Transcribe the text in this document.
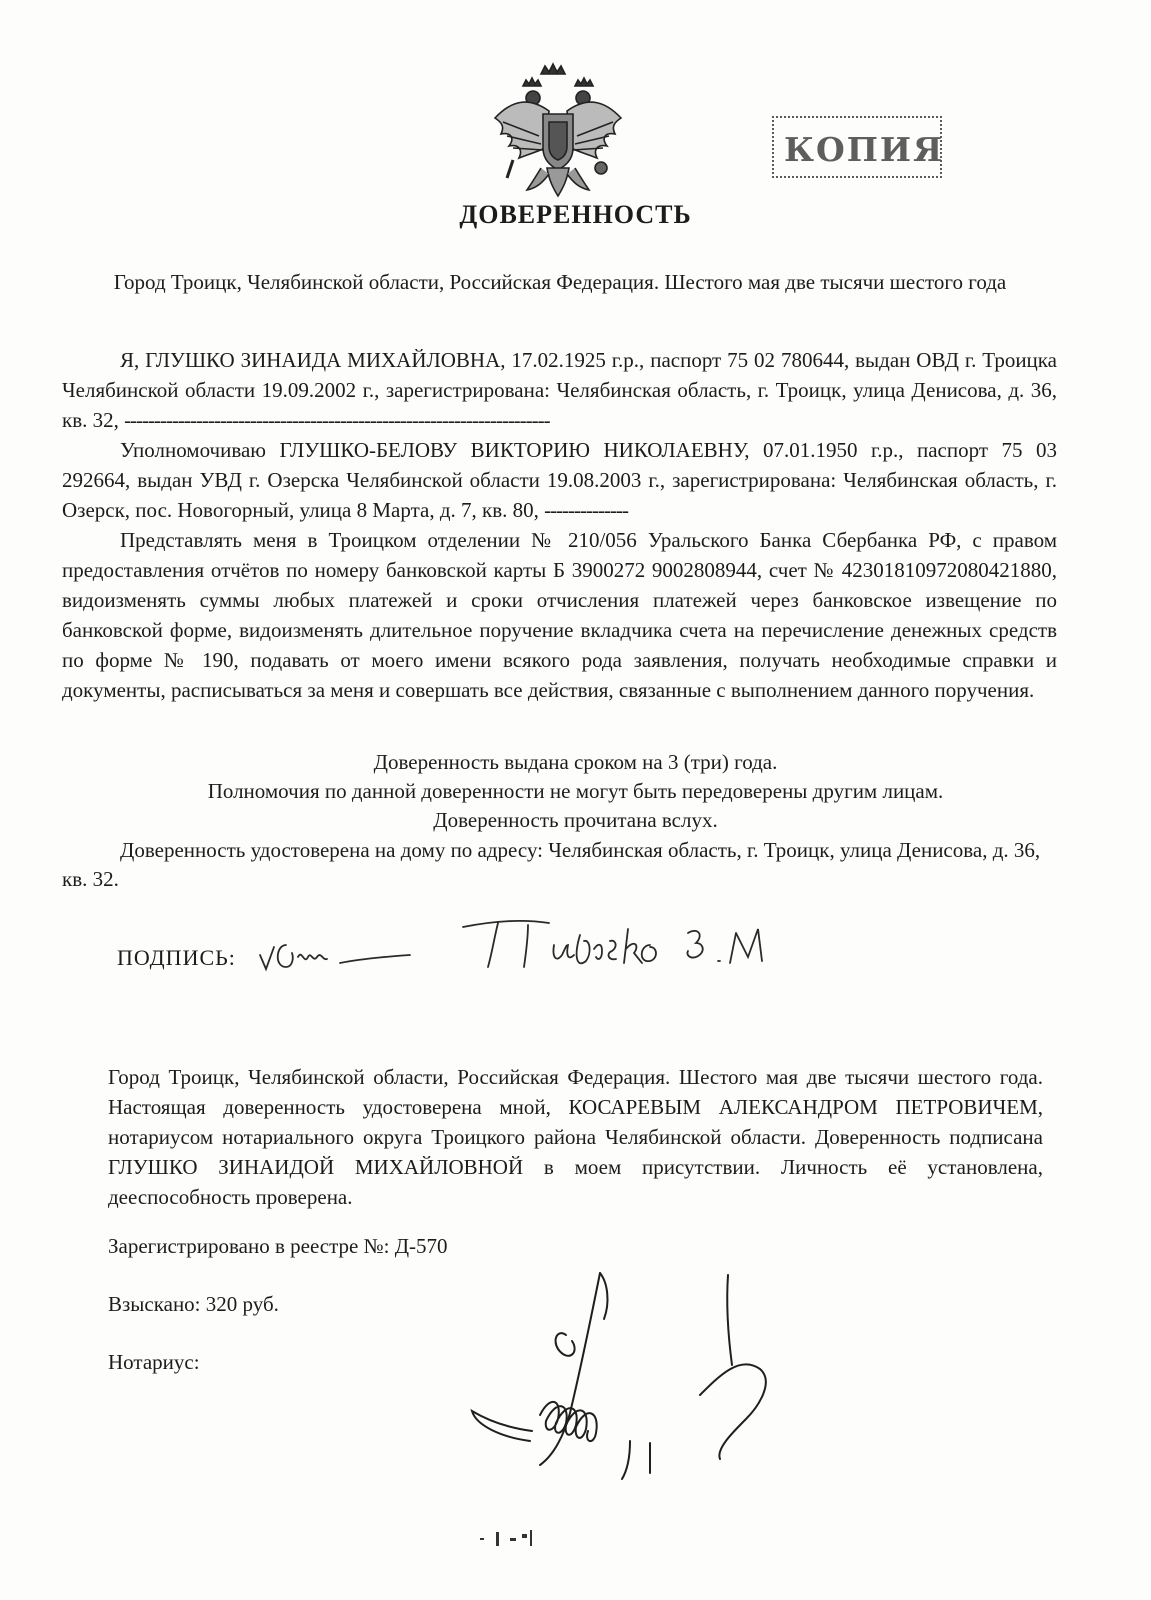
КОПИЯ
ДОВЕРЕННОСТЬ
Город Троицк, Челябинской области, Российская Федерация. Шестого мая две тысячи шестого года

Я, ГЛУШКО ЗИНАИДА МИХАЙЛОВНА, 17.02.1925 г.р., паспорт 75 02 780644, выдан ОВД г. Троицка Челябинской области 19.09.2002 г., зарегистрирована: Челябинская область, г. Троицк, улица Денисова, д. 36, кв. 32, -----------------------------------------------------------------------

Уполномочиваю ГЛУШКО-БЕЛОВУ ВИКТОРИЮ НИКОЛАЕВНУ, 07.01.1950 г.р., паспорт 75 03 292664, выдан УВД г. Озерска Челябинской области 19.08.2003 г., зарегистрирована: Челябинская область, г. Озерск, пос. Новогорный, улица 8 Марта, д. 7, кв. 80, --------------

Представлять меня в Троицком отделении № 210/056 Уральского Банка Сбербанка РФ, с правом предоставления отчётов по номеру банковской карты Б 3900272 9002808944, счет № 42301810972080421880, видоизменять суммы любых платежей и сроки отчисления платежей через банковское извещение по банковской форме, видоизменять длительное поручение вкладчика счета на перечисление денежных средств по форме № 190, подавать от моего имени всякого рода заявления, получать необходимые справки и документы, расписываться за меня и совершать все действия, связанные с выполнением данного поручения.

Доверенность выдана сроком на 3 (три) года.
Полномочия по данной доверенности не могут быть передоверены другим лицам.
Доверенность прочитана вслух.

Доверенность удостоверена на дому по адресу: Челябинская область, г. Троицк, улица Денисова, д. 36, кв. 32.

ПОДПИСЬ:

Город Троицк, Челябинской области, Российская Федерация. Шестого мая две тысячи шестого года. Настоящая доверенность удостоверена мной, КОСАРЕВЫМ АЛЕКСАНДРОМ ПЕТРОВИЧЕМ, нотариусом нотариального округа Троицкого района Челябинской области. Доверенность подписана ГЛУШКО ЗИНАИДОЙ МИХАЙЛОВНОЙ в моем присутствии. Личность её установлена, дееспособность проверена.

Зарегистрировано в реестре №: Д-570
Взыскано: 320 руб.
Нотариус:
